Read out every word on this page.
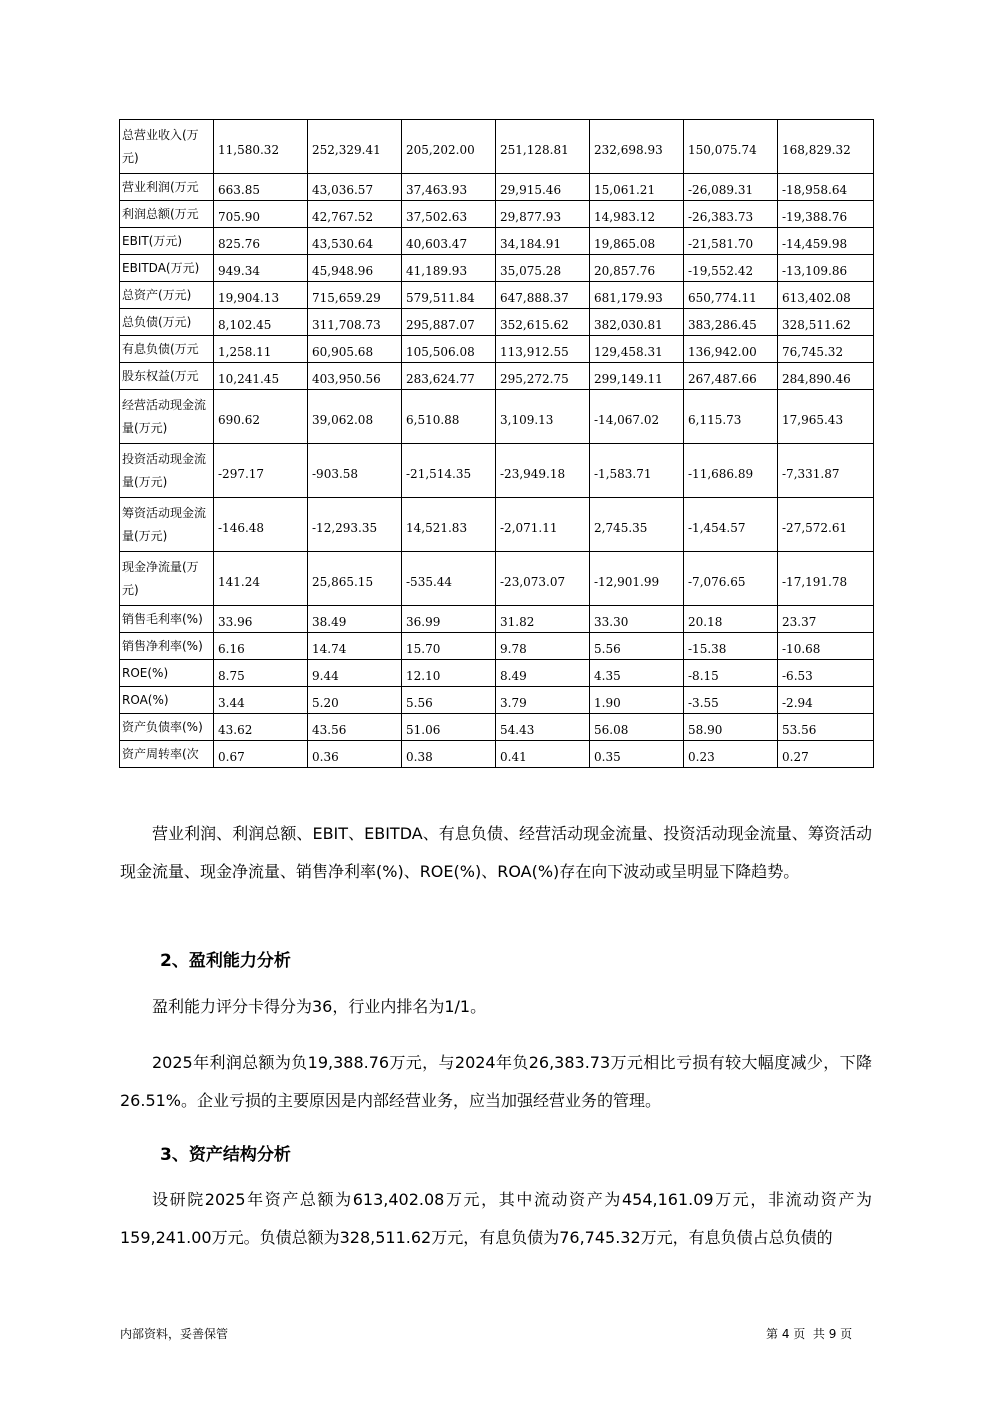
总营业收入(万元)	11,580.32	252,329.41	205,202.00	251,128.81	232,698.93	150,075.74	168,829.32
营业利润(万元	663.85	43,036.57	37,463.93	29,915.46	15,061.21	-26,089.31	-18,958.64
利润总额(万元	705.90	42,767.52	37,502.63	29,877.93	14,983.12	-26,383.73	-19,388.76
EBIT(万元)	825.76	43,530.64	40,603.47	34,184.91	19,865.08	-21,581.70	-14,459.98
EBITDA(万元)	949.34	45,948.96	41,189.93	35,075.28	20,857.76	-19,552.42	-13,109.86
总资产(万元)	19,904.13	715,659.29	579,511.84	647,888.37	681,179.93	650,774.11	613,402.08
总负债(万元)	8,102.45	311,708.73	295,887.07	352,615.62	382,030.81	383,286.45	328,511.62
有息负债(万元	1,258.11	60,905.68	105,506.08	113,912.55	129,458.31	136,942.00	76,745.32
股东权益(万元	10,241.45	403,950.56	283,624.77	295,272.75	299,149.11	267,487.66	284,890.46
经营活动现金流量(万元)	690.62	39,062.08	6,510.88	3,109.13	-14,067.02	6,115.73	17,965.43
投资活动现金流量(万元)	-297.17	-903.58	-21,514.35	-23,949.18	-1,583.71	-11,686.89	-7,331.87
筹资活动现金流量(万元)	-146.48	-12,293.35	14,521.83	-2,071.11	2,745.35	-1,454.57	-27,572.61
现金净流量(万元)	141.24	25,865.15	-535.44	-23,073.07	-12,901.99	-7,076.65	-17,191.78
销售毛利率(%)	33.96	38.49	36.99	31.82	33.30	20.18	23.37
销售净利率(%)	6.16	14.74	15.70	9.78	5.56	-15.38	-10.68
ROE(%)	8.75	9.44	12.10	8.49	4.35	-8.15	-6.53
ROA(%)	3.44	5.20	5.56	3.79	1.90	-3.55	-2.94
资产负债率(%)	43.62	43.56	51.06	54.43	56.08	58.90	53.56
资产周转率(次	0.67	0.36	0.38	0.41	0.35	0.23	0.27

营业利润、利润总额、EBIT、EBITDA、有息负债、经营活动现金流量、投资活动现金流量、筹资活动现金流量、现金净流量、销售净利率(%)、ROE(%)、ROA(%)存在向下波动或呈明显下降趋势。

2、盈利能力分析

盈利能力评分卡得分为36，行业内排名为1/1。

2025年利润总额为负19,388.76万元，与2024年负26,383.73万元相比亏损有较大幅度减少，下降26.51%。企业亏损的主要原因是内部经营业务，应当加强经营业务的管理。

3、资产结构分析

设研院2025年资产总额为613,402.08万元，其中流动资产为454,161.09万元，非流动资产为159,241.00万元。负债总额为328,511.62万元，有息负债为76,745.32万元，有息负债占总负债的

内部资料，妥善保管	第 4 页  共 9 页
